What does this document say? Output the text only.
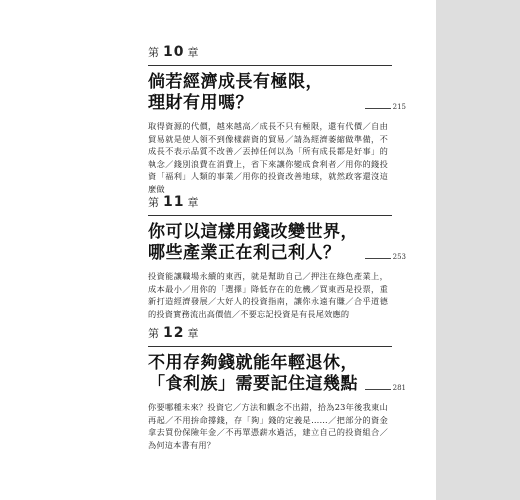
第 10 章
倘若經濟成長有極限，
理財有用嗎？	215
取得資源的代價，越來越高／成長不只有極限，還有代價／自由貿易就是使人領不到像樣薪資的貿易／請為經濟萎縮做準備，不成長不表示品質不改善／丟掉任何以為「所有成長都是好事」的執念／錢別浪費在消費上，省下來讓你變成食利者／用你的錢投資「福利」人類的事業／用你的投資改善地球，就然政客還沒這麼做
第 11 章
你可以這樣用錢改變世界，
哪些產業正在利己利人？	253
投資能讓職場永續的東西，就是幫助自己／押注在綠色產業上，成本最小／用你的「選擇」降低存在的危機／買東西是投票，重新打造經濟發展／大好人的投資指南，讓你永遠有賺／合乎道德的投資實務流出高價值／不要忘記投資是有長尾效應的
第 12 章
不用存夠錢就能年輕退休，
「食利族」需要記住這幾點	281
你要哪種未來？投資它／方法和觀念不出錯，拾為23年後我東山再起／不用拚命撐錢，存「夠」錢的定義是……／把部分的資金拿去買份保險年金／不再單憑薪水過活，建立自己的投資組合／為何這本書有用？
